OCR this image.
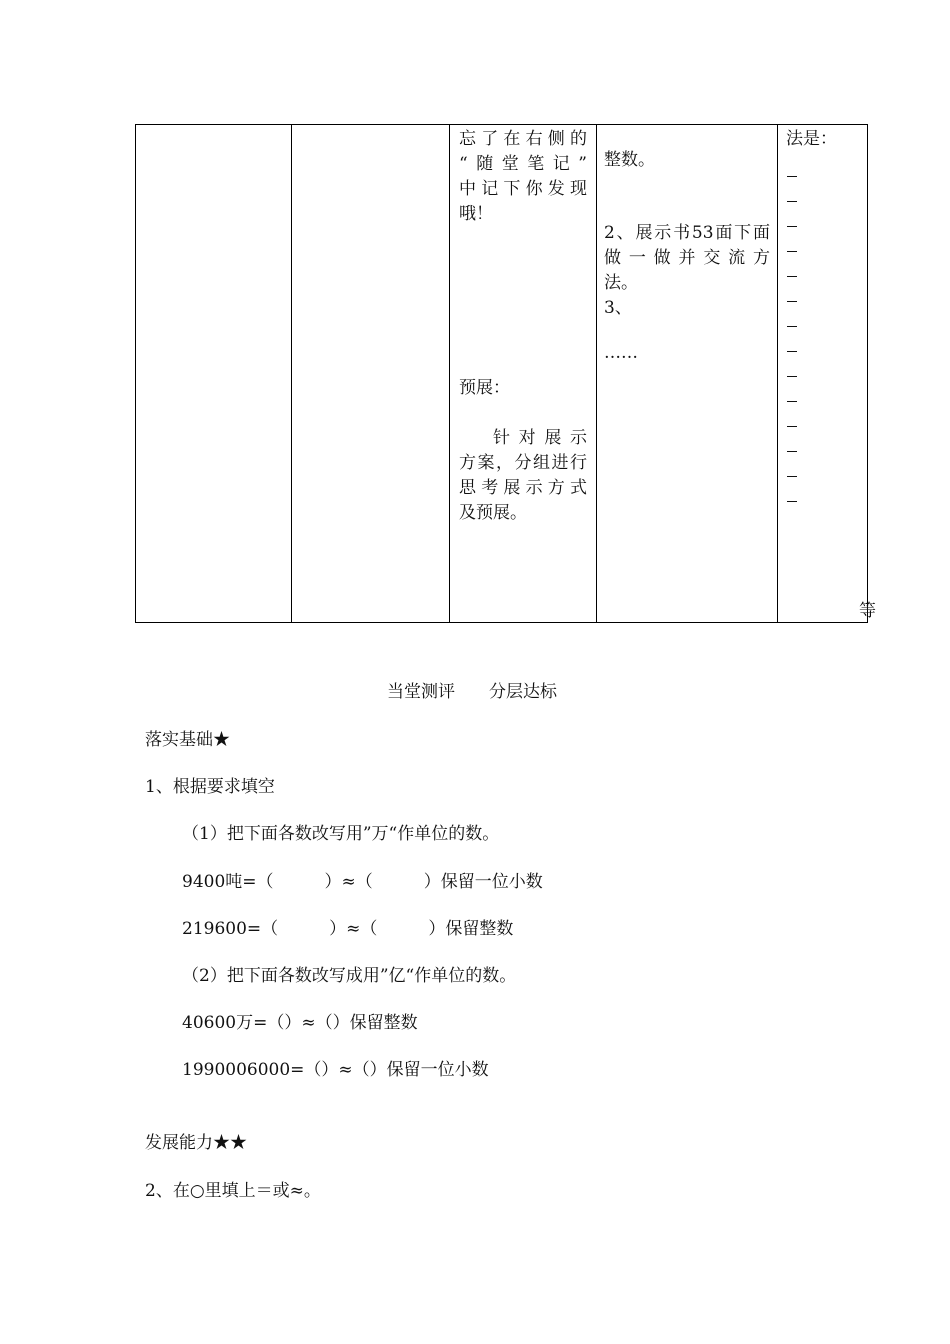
忘了在右侧的
“随堂笔记”
中记下你发现
哦！
预展：
针对展示
方案，分组进行
思考展示方式
及预展。
整数。
2、展示书53面下面
做一做并交流方
法。
3、
……
法是：
等
当堂测评　　分层达标
落实基础★
1、根据要求填空
（1）把下面各数改写用”万“作单位的数。
9400吨=（　　　）≈（　　　）保留一位小数
219600=（　　　）≈（　　　）保留整数
（2）把下面各数改写成用”亿“作单位的数。
40600万=（）≈（）保留整数
1990006000=（）≈（）保留一位小数
发展能力★★
2、在○里填上＝或≈。
